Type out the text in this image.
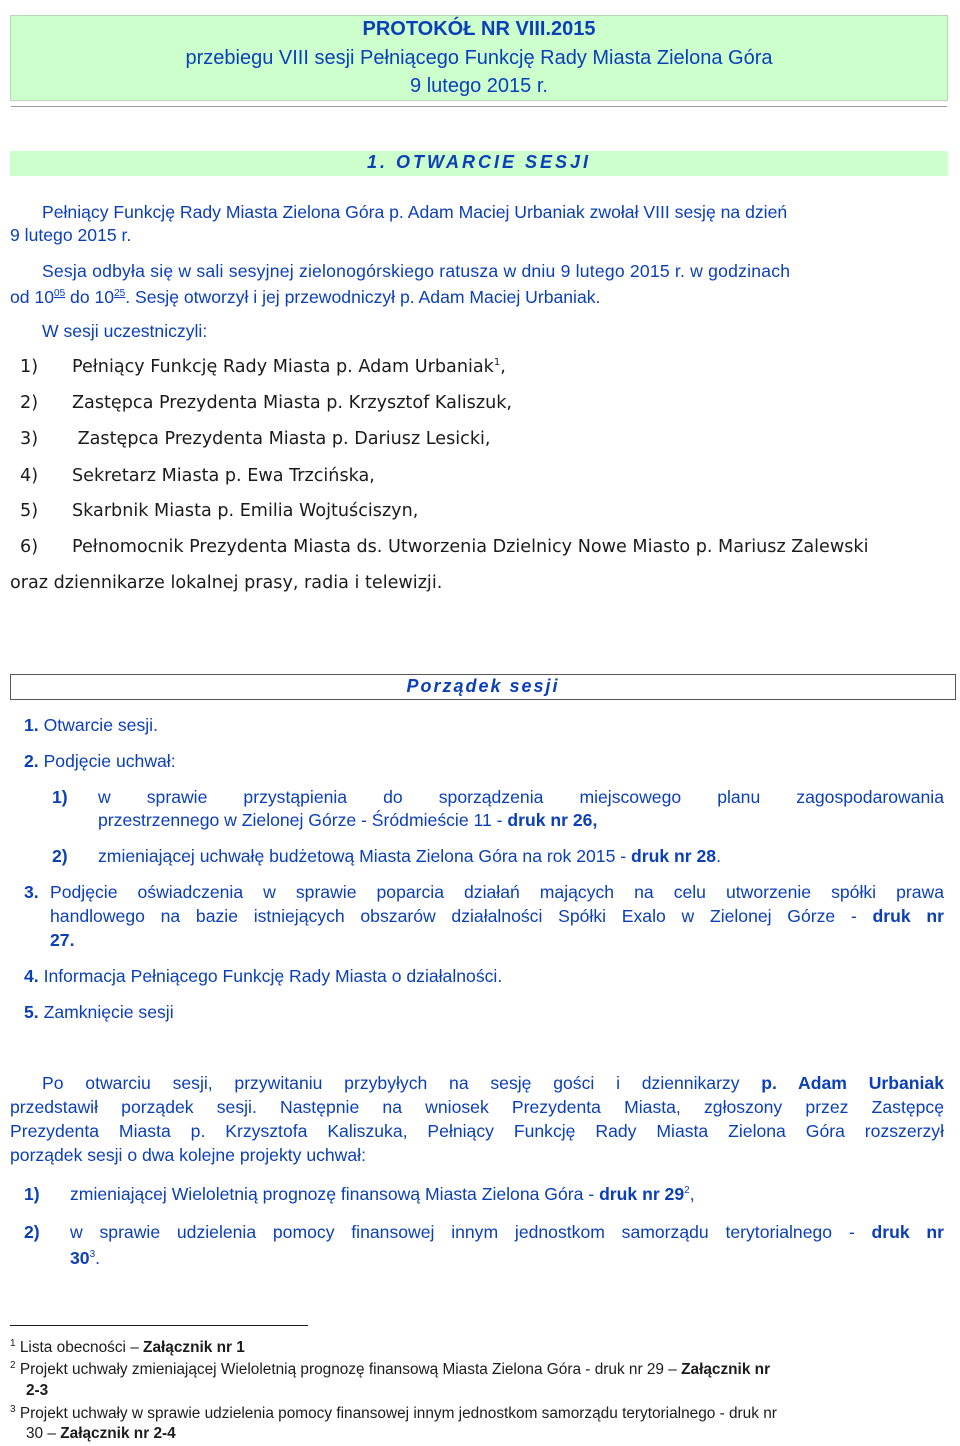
PROTOKÓŁ NR VIII.2015
przebiegu VIII sesji Pełniącego Funkcję Rady Miasta Zielona Góra
9 lutego 2015 r.
1. OTWARCIE SESJI
Pełniący Funkcję Rady Miasta Zielona Góra p. Adam Maciej Urbaniak zwołał VIII sesję na dzień
9 lutego 2015 r.
Sesja odbyła się w sali sesyjnej zielonogórskiego ratusza w dniu 9 lutego 2015 r. w godzinach
od $10^{05}$ do $10^{25}$. Sesję otworzył i jej przewodniczył p. Adam Maciej Urbaniak.
W sesji uczestniczyli:
1) Pełniący Funkcję Rady Miasta p. Adam Urbaniak$^1$,
2) Zastępca Prezydenta Miasta p. Krzysztof Kaliszuk,
3) Zastępca Prezydenta Miasta p. Dariusz Lesicki,
4) Sekretarz Miasta p. Ewa Trzcińska,
5) Skarbnik Miasta p. Emilia Wojtuściszyn,
6) Pełnomocnik Prezydenta Miasta ds. Utworzenia Dzielnicy Nowe Miasto p. Mariusz Zalewski
oraz dziennikarze lokalnej prasy, radia i telewizji.
Porządek sesji
1. Otwarcie sesji.
2. Podjęcie uchwał:
1) w sprawie przystąpienia do sporządzenia miejscowego planu zagospodarowania
przestrzennego w Zielonej Górze - Śródmieście 11 - druk nr 26,
2) zmieniającej uchwałę budżetową Miasta Zielona Góra na rok 2015 - druk nr 28.
3. Podjęcie oświadczenia w sprawie poparcia działań mających na celu utworzenie spółki prawa
handlowego na bazie istniejących obszarów działalności Spółki Exalo w Zielonej Górze - druk nr
27.
4. Informacja Pełniącego Funkcję Rady Miasta o działalności.
5. Zamknięcie sesji
Po otwarciu sesji, przywitaniu przybyłych na sesję gości i dziennikarzy p. Adam Urbaniak
przedstawił porządek sesji. Następnie na wniosek Prezydenta Miasta, zgłoszony przez Zastępcę
Prezydenta Miasta p. Krzysztofa Kaliszuka, Pełniący Funkcję Rady Miasta Zielona Góra rozszerzył
porządek sesji o dwa kolejne projekty uchwał:
1) zmieniającej Wieloletnią prognozę finansową Miasta Zielona Góra - druk nr $29^2$,
2) w sprawie udzielenia pomocy finansowej innym jednostkom samorządu terytorialnego - druk nr
$30^3$.
$^1$ Lista obecności – Załącznik nr 1
$^2$ Projekt uchwały zmieniającej Wieloletnią prognozę finansową Miasta Zielona Góra - druk nr 29 – Załącznik nr
2-3
$^3$ Projekt uchwały w sprawie udzielenia pomocy finansowej innym jednostkom samorządu terytorialnego - druk nr
30 – Załącznik nr 2-4
